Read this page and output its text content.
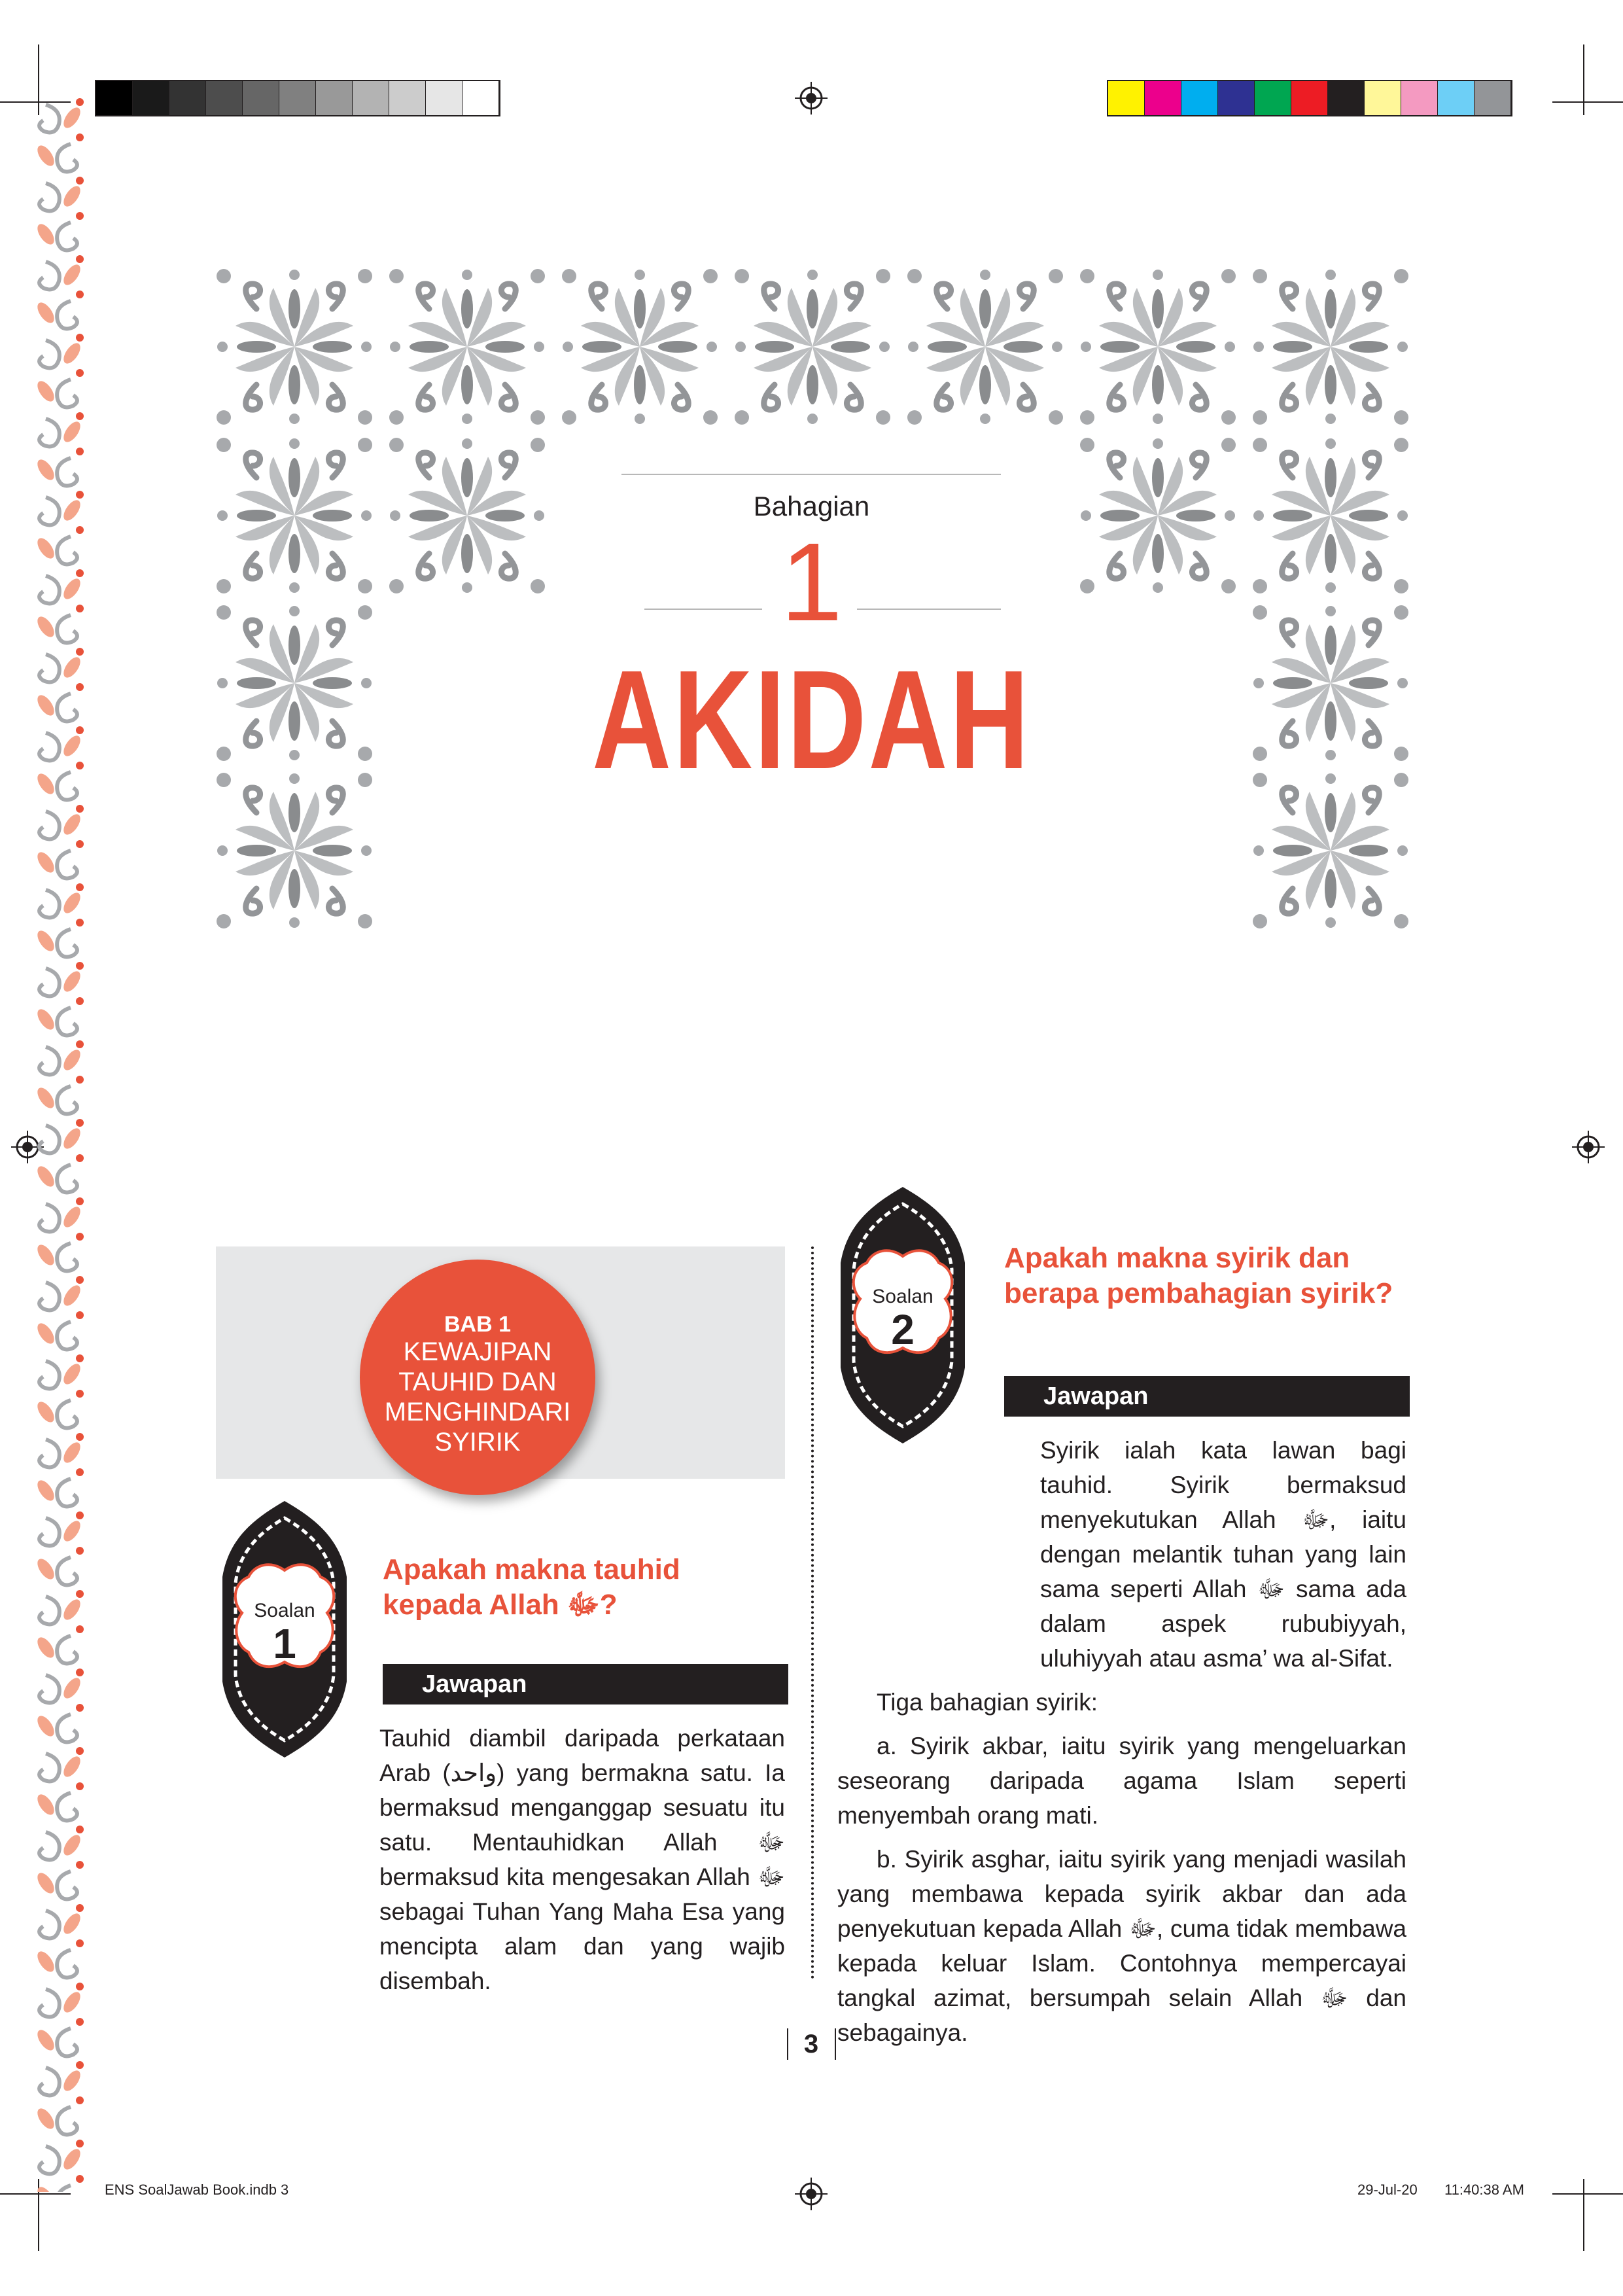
Bahagian
1
AKIDAH
BAB 1
KEWAJIPAN TAUHID DAN MENGHINDARI SYIRIK
Soalan
1
Apakah makna tauhid kepada Allah ﷻ?
Jawapan

Tauhid diambil daripada perkataan Arab (واحد) yang bermakna satu. Ia bermaksud menganggap sesuatu itu satu. Mentauhidkan Allah ﷻ bermaksud kita mengesakan Allah ﷻ sebagai Tuhan Yang Maha Esa yang mencipta alam dan yang wajib disembah.

Soalan
2
Apakah makna syirik dan berapa pembahagian syirik?
Jawapan

Syirik ialah kata lawan bagi tauhid. Syirik bermaksud menyekutukan Allah ﷻ, iaitu dengan melantik tuhan yang lain sama seperti Allah ﷻ sama ada dalam aspek rububiyyah, uluhiyyah atau asma’ wa al-Sifat.

Tiga bahagian syirik:

a. Syirik akbar, iaitu syirik yang mengeluarkan seseorang daripada agama Islam seperti menyembah orang mati.

b. Syirik asghar, iaitu syirik yang menjadi wasilah yang membawa kepada syirik akbar dan ada penyekutuan kepada Allah ﷻ, cuma tidak membawa kepada keluar Islam. Contohnya mempercayai tangkal azimat, bersumpah selain Allah ﷻ dan sebagainya.

3
ENS SoalJawab Book.indb 3	29-Jul-20 11:40:38 AM
